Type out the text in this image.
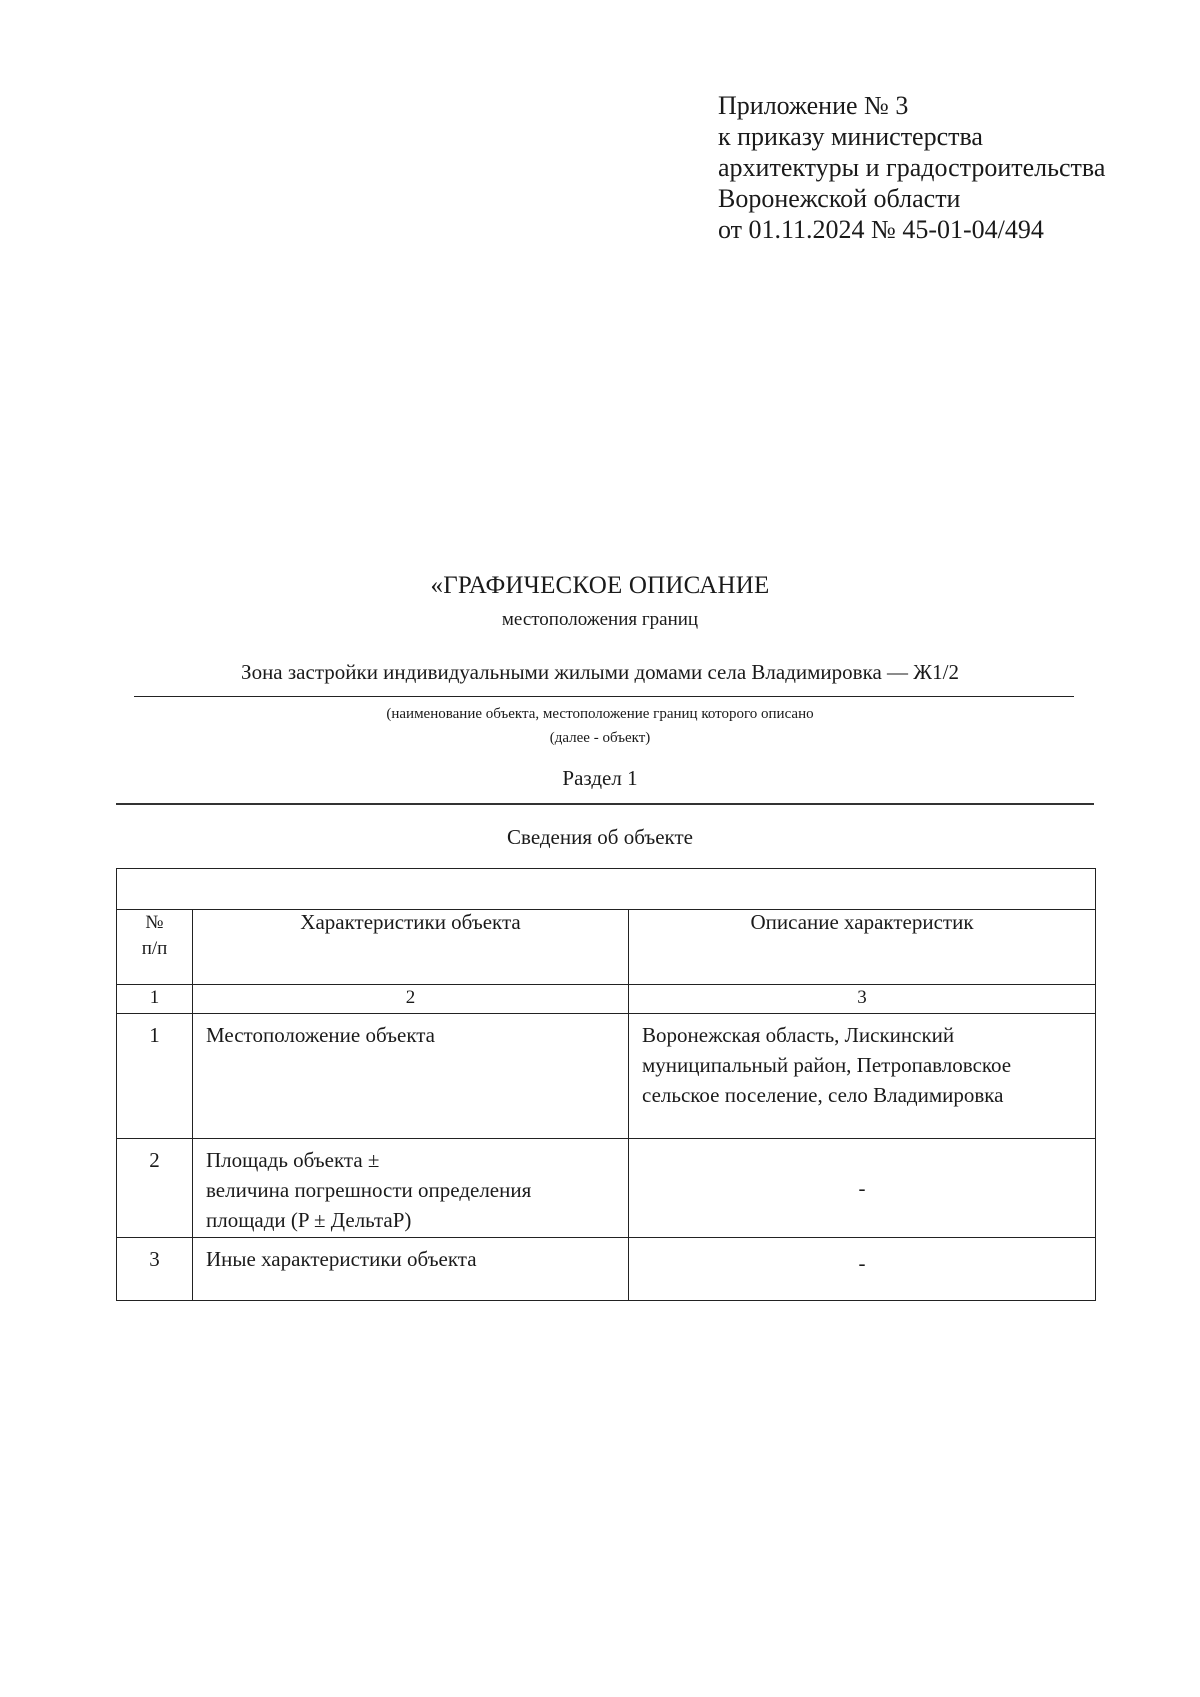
Приложение № 3
к приказу министерства
архитектуры и градостроительства
Воронежской области
от 01.11.2024 № 45-01-04/494
«ГРАФИЧЕСКОЕ ОПИСАНИЕ
местоположения границ
Зона застройки индивидуальными жилыми домами села Владимировка — Ж1/2
(наименование объекта, местоположение границ которого описано
(далее - объект)
Раздел 1
Сведения об объекте

№
п/п	Характеристики объекта	Описание характеристик
1	2	3
1	Местоположение объекта	Воронежская область, Лискинский муниципальный район, Петропавловское сельское поселение, село Владимировка
2	Площадь объекта ±
величина погрешности определения
площади (P ± ДельтаP)	-
3	Иные характеристики объекта	-
